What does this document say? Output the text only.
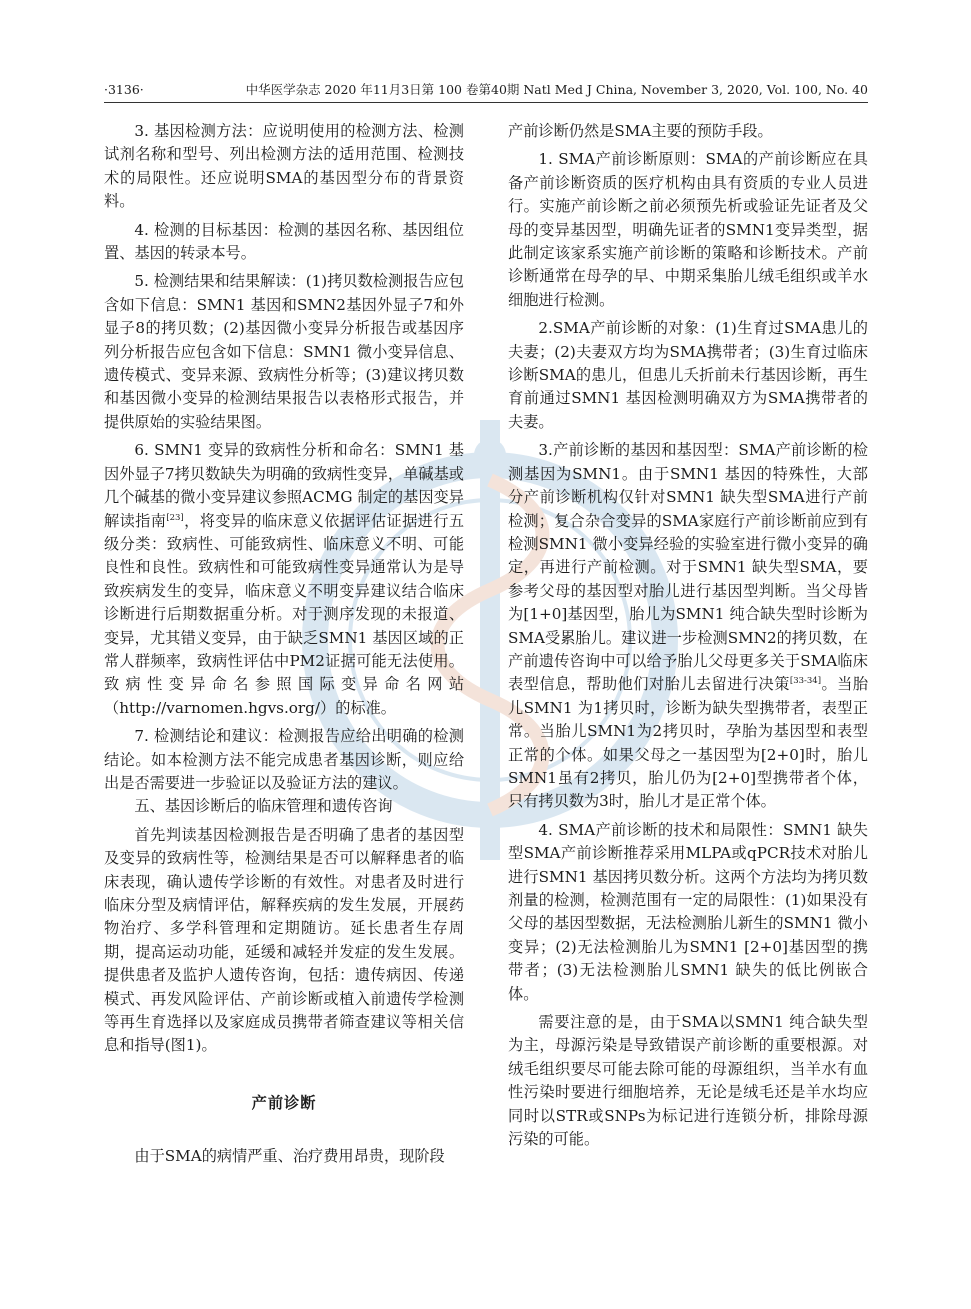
·3136·	中华医学杂志 2020 年11月3日第 100 卷第40期 Natl Med J China, November 3, 2020, Vol. 100, No. 40

3. 基因检测方法：应说明使用的检测方法、检测试剂名称和型号、列出检测方法的适用范围、检测技术的局限性。还应说明SMA的基因型分布的背景资料。

4. 检测的目标基因：检测的基因名称、基因组位置、基因的转录本号。

5. 检测结果和结果解读：(1)拷贝数检测报告应包含如下信息：SMN1 基因和SMN2基因外显子7和外显子8的拷贝数；(2)基因微小变异分析报告或基因序列分析报告应包含如下信息：SMN1 微小变异信息、遗传模式、变异来源、致病性分析等；(3)建议拷贝数和基因微小变异的检测结果报告以表格形式报告，并提供原始的实验结果图。

6. SMN1 变异的致病性分析和命名：SMN1 基因外显子7拷贝数缺失为明确的致病性变异，单碱基或几个碱基的微小变异建议参照ACMG 制定的基因变异解读指南[23]，将变异的临床意义依据评估证据进行五级分类：致病性、可能致病性、临床意义不明、可能良性和良性。致病性和可能致病性变异通常认为是导致疾病发生的变异，临床意义不明变异建议结合临床诊断进行后期数据重分析。对于测序发现的未报道、变异，尤其错义变异，由于缺乏SMN1 基因区域的正常人群频率，致病性评估中PM2证据可能无法使用。致病性变异命名参照国际变异命名网站（http://varnomen.hgvs.org/）的标准。

7. 检测结论和建议：检测报告应给出明确的检测结论。如本检测方法不能完成患者基因诊断，则应给出是否需要进一步验证以及验证方法的建议。

五、基因诊断后的临床管理和遗传咨询

首先判读基因检测报告是否明确了患者的基因型及变异的致病性等，检测结果是否可以解释患者的临床表现，确认遗传学诊断的有效性。对患者及时进行临床分型及病情评估，解释疾病的发生发展，开展药物治疗、多学科管理和定期随访。延长患者生存周期，提高运动功能，延缓和减轻并发症的发生发展。提供患者及监护人遗传咨询，包括：遗传病因、传递模式、再发风险评估、产前诊断或植入前遗传学检测等再生育选择以及家庭成员携带者筛查建议等相关信息和指导(图1)。

产前诊断

由于SMA的病情严重、治疗费用昂贵，现阶段

产前诊断仍然是SMA主要的预防手段。

1. SMA产前诊断原则：SMA的产前诊断应在具备产前诊断资质的医疗机构由具有资质的专业人员进行。实施产前诊断之前必须预先析或验证先证者及父母的变异基因型，明确先证者的SMN1变异类型，据此制定该家系实施产前诊断的策略和诊断技术。产前诊断通常在母孕的早、中期采集胎儿绒毛组织或羊水细胞进行检测。

2.SMA产前诊断的对象：(1)生育过SMA患儿的夫妻；(2)夫妻双方均为SMA携带者；(3)生育过临床诊断SMA的患儿，但患儿夭折前未行基因诊断，再生育前通过SMN1 基因检测明确双方为SMA携带者的夫妻。

3.产前诊断的基因和基因型：SMA产前诊断的检测基因为SMN1。由于SMN1 基因的特殊性，大部分产前诊断机构仅针对SMN1 缺失型SMA进行产前检测；复合杂合变异的SMA家庭行产前诊断前应到有检测SMN1 微小变异经验的实验室进行微小变异的确定，再进行产前检测。对于SMN1 缺失型SMA，要参考父母的基因型对胎儿进行基因型判断。当父母皆为[1+0]基因型，胎儿为SMN1 纯合缺失型时诊断为SMA受累胎儿。建议进一步检测SMN2的拷贝数，在产前遗传咨询中可以给予胎儿父母更多关于SMA临床表型信息，帮助他们对胎儿去留进行决策[33-34]。当胎儿SMN1 为1拷贝时，诊断为缺失型携带者，表型正常。当胎儿SMN1为2拷贝时，孕胎为基因型和表型正常的个体。如果父母之一基因型为[2+0]时，胎儿SMN1虽有2拷贝，胎儿仍为[2+0]型携带者个体，只有拷贝数为3时，胎儿才是正常个体。

4. SMA产前诊断的技术和局限性：SMN1 缺失型SMA产前诊断推荐采用MLPA或qPCR技术对胎儿进行SMN1 基因拷贝数分析。这两个方法均为拷贝数剂量的检测，检测范围有一定的局限性：(1)如果没有父母的基因型数据，无法检测胎儿新生的SMN1 微小变异；(2)无法检测胎儿为SMN1 [2+0]基因型的携带者；(3)无法检测胎儿SMN1 缺失的低比例嵌合体。

需要注意的是，由于SMA以SMN1 纯合缺失型为主，母源污染是导致错误产前诊断的重要根源。对绒毛组织要尽可能去除可能的母源组织，当羊水有血性污染时要进行细胞培养，无论是绒毛还是羊水均应同时以STR或SNPs为标记进行连锁分析，排除母源污染的可能。
